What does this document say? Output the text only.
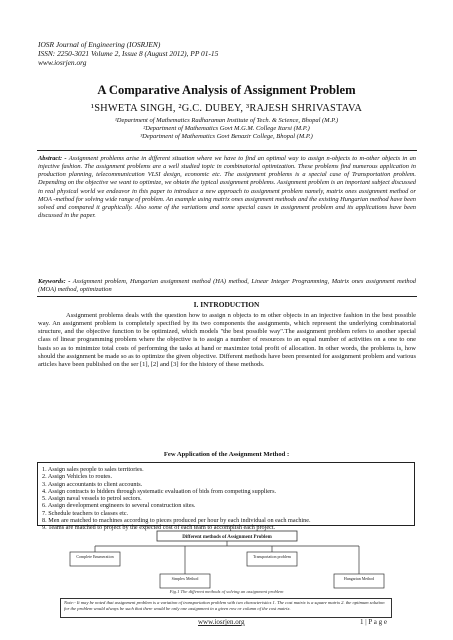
IOSR Journal of Engineering (IOSRJEN)
ISSN: 2250-3021 Volume 2, Issue 8 (August 2012), PP 01-15
www.iosrjen.org
A Comparative Analysis of Assignment Problem
¹SHWETA SINGH, ²G.C. DUBEY, ³RAJESH SHRIVASTAVA
¹Department of Mathematics Radharaman Institute of Tech. & Science, Bhopal (M.P.)
²Department of Mathematics Govt M.G.M. College Itarsi (M.P.)
³Department of Mathematics Govt Benazir College, Bhopal (M.P.)
Abstract: - Assignment problems arise in different situation where we have to find an optimal way to assign n-objects to m-other objects in an injective fashion. The assignment problems are a well studied topic in combinatorial optimization. These problems find numerous application in production planning, telecommunication VLSI design, economic etc. The assignment problems is a special case of Transportation problem. Depending on the objective we want to optimize, we obtain the typical assignment problems. Assignment problem is an important subject discussed in real physical world we endeavor in this paper to introduce a new approach to assignment problem namely, matrix ones assignment method or MOA -method for solving wide range of problem. An example using matrix ones assignment methods and the existing Hungarian method have been solved and compared it graphically. Also some of the variations and some special cases in assignment problem and its applications have been discussed in the paper.
Keywords: - Assignment problem, Hungarian assignment method (HA) method, Linear Integer Programming, Matrix ones assignment method (MOA) method, optimization
I. INTRODUCTION
Assignment problems deals with the question how to assign n objects to m other objects in an injective fashion in the best possible way. An assignment problem is completely specified by its two components the assignments, which represent the underlying combinatorial structure, and the objective function to be optimized, which models "the best possible way".The assignment problem refers to another special class of linear programming problem where the objective is to assign a number of resources to an equal number of activities on a one to one basis so as to minimize total costs of performing the tasks at hand or maximize total profit of allocation. In other words, the problems is, how should the assignment be made so as to optimize the given objective. Different methods have been presented for assignment problem and various articles have been published on the ser [1], [2] and [3] for the history of these methods.
Few Application of the Assignment Method :
1. Assign sales people to sales territories.
2. Assign Vehicles to routes.
3. Assign accountants to client accounts.
4. Assign contracts to bidders through systematic evaluation of bids from competing suppliers.
5. Assign naval vessels to petrol sectors.
6. Assign development engineers to several construction sites.
7. Schedule teachers to classes etc.
8. Men are matched to machines according to pieces produced per hour by each individual on each machine.
9. Teams are matched to project by the expected cost of each team to accomplish each project.
Different methods of Assignment Problem
Complete Enumeration	Transportation problem
Simplex Method	Hungarian Method
Fig.1 The different methods of solving an assignment problem
Note:- It may be noted that assignment problem is a variation of transportation problem with two characteristics 1. The cost matrix is a square matrix 2. the optimum solution for the problem would always be such that there would be only one assignment in a given row or column of the cost matrix.
www.iosrjen.org	1 | P a g e
